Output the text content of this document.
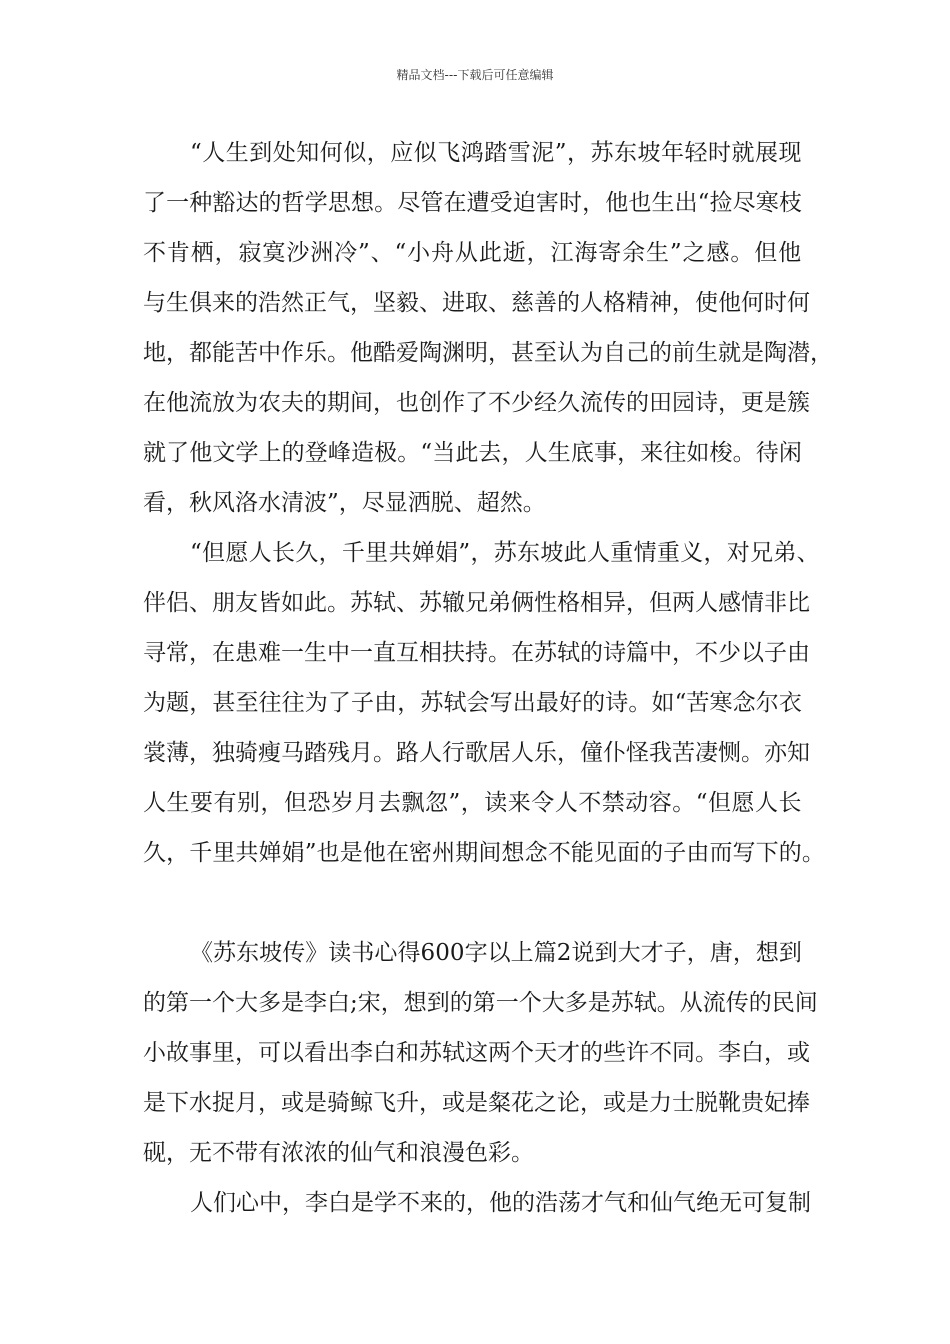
精品文档---下载后可任意编辑
“人生到处知何似，应似飞鸿踏雪泥”，苏东坡年轻时就展现
了一种豁达的哲学思想。尽管在遭受迫害时，他也生出“捡尽寒枝
不肯栖，寂寞沙洲冷”、“小舟从此逝，江海寄余生”之感。但他
与生俱来的浩然正气，坚毅、进取、慈善的人格精神，使他何时何
地，都能苦中作乐。他酷爱陶渊明，甚至认为自己的前生就是陶潜，
在他流放为农夫的期间，也创作了不少经久流传的田园诗，更是簇
就了他文学上的登峰造极。“当此去，人生底事，来往如梭。待闲
看，秋风洛水清波”，尽显洒脱、超然。
“但愿人长久，千里共婵娟”，苏东坡此人重情重义，对兄弟、
伴侣、朋友皆如此。苏轼、苏辙兄弟俩性格相异，但两人感情非比
寻常，在患难一生中一直互相扶持。在苏轼的诗篇中，不少以子由
为题，甚至往往为了子由，苏轼会写出最好的诗。如“苦寒念尔衣
裳薄，独骑瘦马踏残月。路人行歌居人乐，僮仆怪我苦凄恻。亦知
人生要有别，但恐岁月去飘忽”，读来令人不禁动容。“但愿人长
久，千里共婵娟”也是他在密州期间想念不能见面的子由而写下的。
《苏东坡传》读书心得600字以上篇2说到大才子，唐，想到
的第一个大多是李白;宋，想到的第一个大多是苏轼。从流传的民间
小故事里，可以看出李白和苏轼这两个天才的些许不同。李白，或
是下水捉月，或是骑鲸飞升，或是粲花之论，或是力士脱靴贵妃捧
砚，无不带有浓浓的仙气和浪漫色彩。
人们心中，李白是学不来的，他的浩荡才气和仙气绝无可复制
